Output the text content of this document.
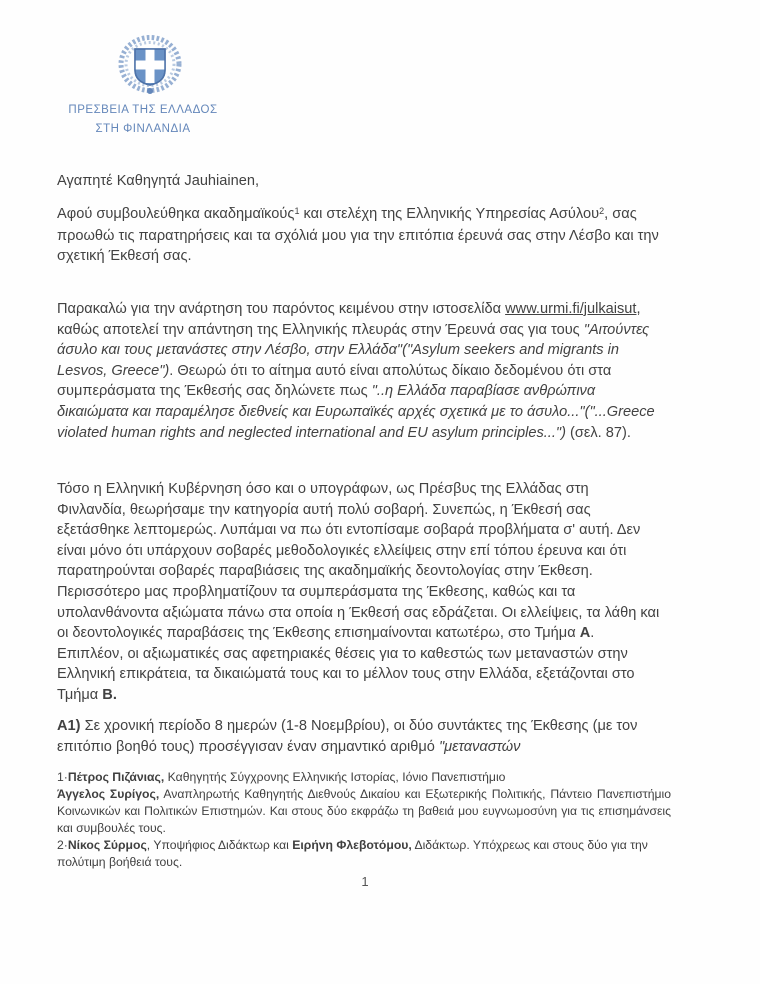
ΠΡΕΣΒΕΙΑ ΤΗΣ ΕΛΛΑΔΟΣ
ΣΤΗ ΦΙΝΛΑΝΔΙΑ

Αγαπητέ Καθηγητά Jauhiainen,

Αφού συμβουλεύθηκα ακαδημαϊκούς$^1$ και στελέχη της Ελληνικής Υπηρεσίας Ασύλου$^2$, σας προωθώ τις παρατηρήσεις και τα σχόλιά μου για την επιτόπια έρευνά σας στην Λέσβο και την σχετική Έκθεσή σας.

Παρακαλώ για την ανάρτηση του παρόντος κειμένου στην ιστοσελίδα www.urmi.fi/julkaisut, καθώς αποτελεί την απάντηση της Ελληνικής πλευράς στην Έρευνά σας για τους "Αιτούντες άσυλο και τους μετανάστες στην Λέσβο, στην Ελλάδα"("Asylum seekers and migrants in Lesvos, Greece"). Θεωρώ ότι το αίτημα αυτό είναι απολύτως δίκαιο δεδομένου ότι στα συμπεράσματα της Έκθεσής σας δηλώνετε πως "..η Ελλάδα παραβίασε ανθρώπινα δικαιώματα και παραμέλησε διεθνείς και Ευρωπαϊκές αρχές σχετικά με το άσυλο..."("...Greece violated human rights and neglected international and EU asylum principles...") (σελ. 87).

Τόσο η Ελληνική Κυβέρνηση όσο και ο υπογράφων, ως Πρέσβυς της Ελλάδας στη Φινλανδία, θεωρήσαμε την κατηγορία αυτή πολύ σοβαρή. Συνεπώς, η Έκθεσή σας εξετάσθηκε λεπτομερώς. Λυπάμαι να πω ότι εντοπίσαμε σοβαρά προβλήματα σ' αυτή. Δεν είναι μόνο ότι υπάρχουν σοβαρές μεθοδολογικές ελλείψεις στην επί τόπου έρευνα και ότι παρατηρούνται σοβαρές παραβιάσεις της ακαδημαϊκής δεοντολογίας στην Έκθεση. Περισσότερο μας προβληματίζουν τα συμπεράσματα της Έκθεσης, καθώς και τα υπολανθάνοντα αξιώματα πάνω στα οποία η Έκθεσή σας εδράζεται. Οι ελλείψεις, τα λάθη και οι δεοντολογικές παραβάσεις της Έκθεσης επισημαίνονται κατωτέρω, στο Τμήμα Α. Επιπλέον, οι αξιωματικές σας αφετηριακές θέσεις για το καθεστώς των μεταναστών στην Ελληνική επικράτεια, τα δικαιώματά τους και το μέλλον τους στην Ελλάδα, εξετάζονται στο Τμήμα Β.

Α1) Σε χρονική περίοδο 8 ημερών (1-8 Νοεμβρίου), οι δύο συντάκτες της Έκθεσης (με τον επιτόπιο βοηθό τους) προσέγγισαν έναν σημαντικό αριθμό "μεταναστών

1·Πέτρος Πιζάνιας, Καθηγητής Σύγχρονης Ελληνικής Ιστορίας, Ιόνιο Πανεπιστήμιο

Άγγελος Συρίγος, Αναπληρωτής Καθηγητής Διεθνούς Δικαίου και Εξωτερικής Πολιτικής, Πάντειο Πανεπιστήμιο Κοινωνικών και Πολιτικών Επιστημών. Και στους δύο εκφράζω τη βαθειά μου ευγνωμοσύνη για τις επισημάνσεις και συμβουλές τους.

2·Νίκος Σύρμος, Υποψήφιος Διδάκτωρ και Ειρήνη Φλεβοτόμου, Διδάκτωρ. Υπόχρεως και στους δύο για την πολύτιμη βοήθειά τους.

1
